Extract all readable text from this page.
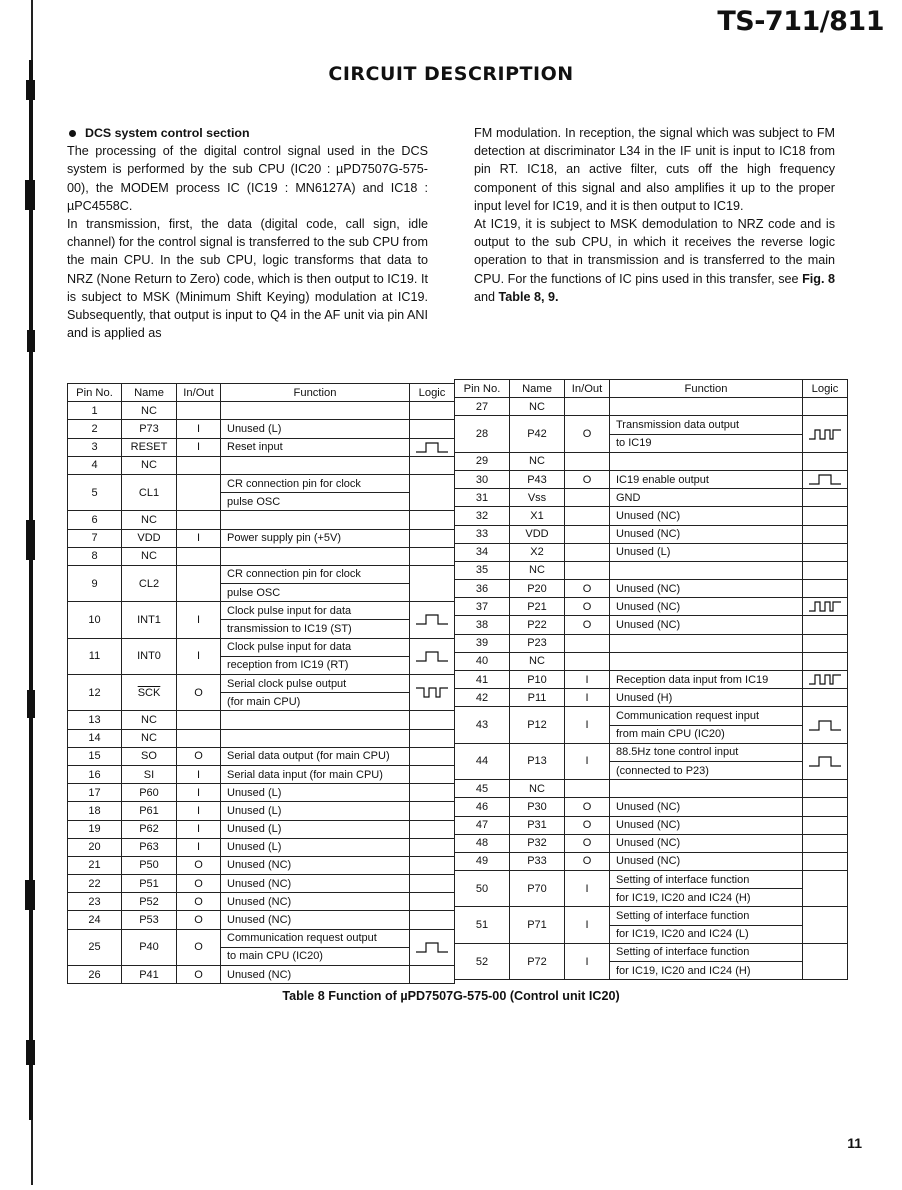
TS-711/811
CIRCUIT DESCRIPTION

DCS system control section

The processing of the digital control signal used in the DCS system is performed by the sub CPU (IC20 : µPD7507G-575-00), the MODEM process IC (IC19 : MN6127A) and IC18 : µPC4558C.

In transmission, first, the data (digital code, call sign, idle channel) for the control signal is transferred to the sub CPU from the main CPU. In the sub CPU, logic transforms that data to NRZ (None Return to Zero) code, which is then output to IC19. It is subject to MSK (Minimum Shift Keying) modulation at IC19. Subsequently, that output is input to Q4 in the AF unit via pin ANI and is applied as

FM modulation. In reception, the signal which was subject to FM detection at discriminator L34 in the IF unit is input to IC18 from pin RT. IC18, an active filter, cuts off the high frequency component of this signal and also amplifies it up to the proper input level for IC19, and it is then output to IC19.

At IC19, it is subject to MSK demodulation to NRZ code and is output to the sub CPU, in which it receives the reverse logic operation to that in transmission and is transferred to the main CPU. For the functions of IC pins used in this transfer, see Fig. 8 and Table 8, 9.

Pin No.	Name	In/Out	Function	Logic
1	NC			
2	P73	I	Unused (L)	
3	RESET	I	Reset input	

4	NC			
5	CL1		CR connection pin for clock	
			pulse OSC	
6	NC			
7	VDD	I	Power supply pin (+5V)	
8	NC			
9	CL2		CR connection pin for clock	
			pulse OSC	
10	INT1	I	Clock pulse input for data	

			transmission to IC19 (ST)	
11	INT0	I	Clock pulse input for data	

			reception from IC19 (RT)	
12	$\overline{SCK}$	O	Serial clock pulse output	

			(for main CPU)	
13	NC			
14	NC			
15	SO	O	Serial data output (for main CPU)	
16	SI	I	Serial data input (for main CPU)	
17	P60	I	Unused (L)	
18	P61	I	Unused (L)	
19	P62	I	Unused (L)	
20	P63	I	Unused (L)	
21	P50	O	Unused (NC)	
22	P51	O	Unused (NC)	
23	P52	O	Unused (NC)	
24	P53	O	Unused (NC)	
25	P40	O	Communication request output	

			to main CPU (IC20)	
26	P41	O	Unused (NC)	
Pin No.	Name	In/Out	Function	Logic
27	NC			
28	P42	O	Transmission data output	

			to IC19	
29	NC			
30	P43	O	IC19 enable output	

31	Vss		GND	
32	X1		Unused (NC)	
33	VDD		Unused (NC)	
34	X2		Unused (L)	
35	NC			
36	P20	O	Unused (NC)	
37	P21	O	Unused (NC)	

38	P22	O	Unused (NC)	
39	P23			
40	NC			
41	P10	I	Reception data input from IC19	

42	P11	I	Unused (H)	
43	P12	I	Communication request input	

			from main CPU (IC20)	
44	P13	I	88.5Hz tone control input	

			(connected to P23)	
45	NC			
46	P30	O	Unused (NC)	
47	P31	O	Unused (NC)	
48	P32	O	Unused (NC)	
49	P33	O	Unused (NC)	
50	P70	I	Setting of interface function	
			for IC19, IC20 and IC24 (H)	
51	P71	I	Setting of interface function	
			for IC19, IC20 and IC24 (L)	
52	P72	I	Setting of interface function	
			for IC19, IC20 and IC24 (H)	
Table 8 Function of µPD7507G-575-00 (Control unit IC20)
11
